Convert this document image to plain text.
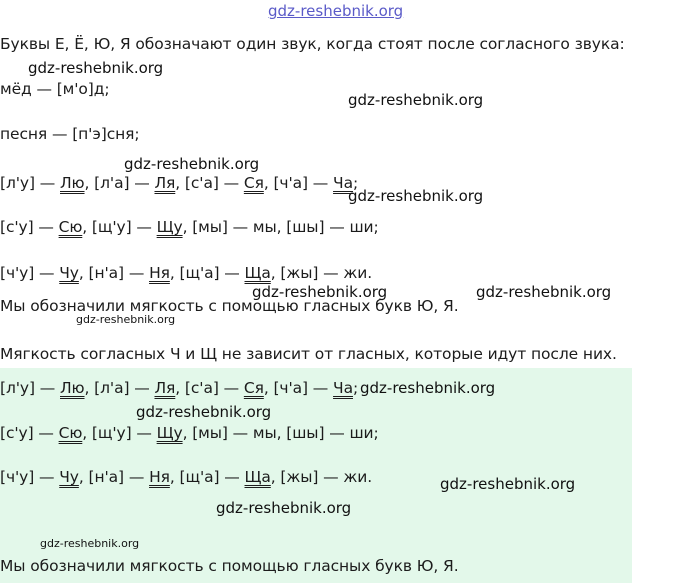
gdz-reshebnik.org
Буквы Е, Ё, Ю, Я обозначают один звук, когда стоят после согласного звука:
мёд — [м'о]д;
песня — [п'э]сня;
[л'у] — Лю, [л'а] — Ля, [с'а] — Ся, [ч'а] — Ча;
[с'у] — Сю, [щ'у] — Щу, [мы] — мы, [шы] — ши;
[ч'у] — Чу, [н'а] — Ня, [щ'а] — Ща, [жы] — жи.
Мы обозначили мягкость с помощью гласных букв Ю, Я.
Мягкость согласных Ч и Щ не зависит от гласных, которые идут после них.
[л'у] — Лю, [л'а] — Ля, [с'а] — Ся, [ч'а] — Ча;
[с'у] — Сю, [щ'у] — Щу, [мы] — мы, [шы] — ши;
[ч'у] — Чу, [н'а] — Ня, [щ'а] — Ща, [жы] — жи.
Мы обозначили мягкость с помощью гласных букв Ю, Я.
gdz-reshebnik.org
gdz-reshebnik.org
gdz-reshebnik.org
gdz-reshebnik.org
gdz-reshebnik.org	gdz-reshebnik.org
gdz-reshebnik.org
gdz-reshebnik.org
gdz-reshebnik.org
gdz-reshebnik.org
gdz-reshebnik.org
gdz-reshebnik.org
